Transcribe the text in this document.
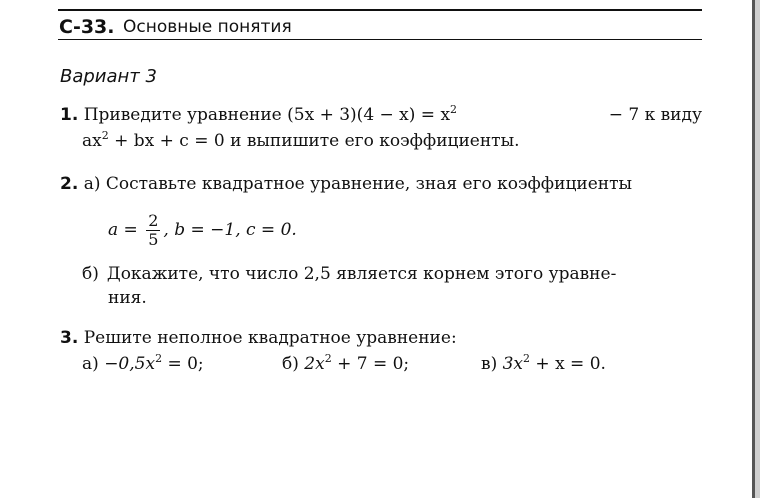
С-33. Основные понятия
Вариант 3
1. Приведите уравнение $(5x + 3)(4 - x) = x^2$	− 7 к виду
$ax^2$ + bx + c = 0 и выпишите его коэффициенты.
2. а) Составьте квадратное уравнение, зная его коэффициенты
$a = \frac{2}{5}$ , b = −1, c = 0.
б) Докажите, что число 2,5 является корнем этого уравне-
ния.
3. Решите неполное квадратное уравнение:
$а) -0,5x^2 = 0$;	б) $2x^2 + 7 = 0$;	в) $3x^2 + x = 0$.
